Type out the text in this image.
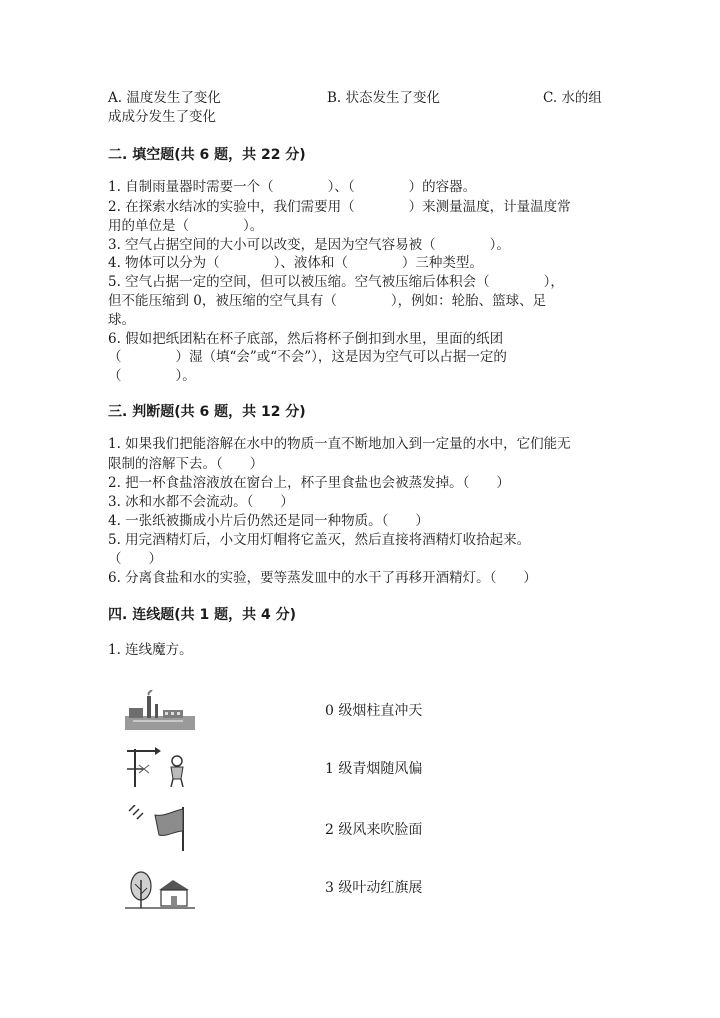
A. 温度发生了变化	B. 状态发生了变化	C. 水的组
成成分发生了变化
二. 填空题(共 6 题，共 22 分)
1. 自制雨量器时需要一个（　　　　）、（　　　　）的容器。
2. 在探索水结冰的实验中，我们需要用（　　　　）来测量温度，计量温度常
用的单位是（　　　　）。
3. 空气占据空间的大小可以改变，是因为空气容易被（　　　　）。
4. 物体可以分为（　　　　）、液体和（　　　　）三种类型。
5. 空气占据一定的空间，但可以被压缩。空气被压缩后体积会（　　　　），
但不能压缩到 0，被压缩的空气具有（　　　　），例如：轮胎、篮球、足
球。
6. 假如把纸团粘在杯子底部，然后将杯子倒扣到水里，里面的纸团
（　　　　）湿（填“会”或“不会”），这是因为空气可以占据一定的
（　　　　）。
三. 判断题(共 6 题，共 12 分)
1. 如果我们把能溶解在水中的物质一直不断地加入到一定量的水中，它们能无
限制的溶解下去。（　　）
2. 把一杯食盐溶液放在窗台上，杯子里食盐也会被蒸发掉。（　　）
3. 冰和水都不会流动。（　　）
4. 一张纸被撕成小片后仍然还是同一种物质。（　　）
5. 用完酒精灯后，小文用灯帽将它盖灭，然后直接将酒精灯收拾起来。
（　　）
6. 分离食盐和水的实验，要等蒸发皿中的水干了再移开酒精灯。（　　）
四. 连线题(共 1 题，共 4 分)
1. 连线魔方。
0 级烟柱直冲天
1 级青烟随风偏
2 级风来吹脸面
3 级叶动红旗展
